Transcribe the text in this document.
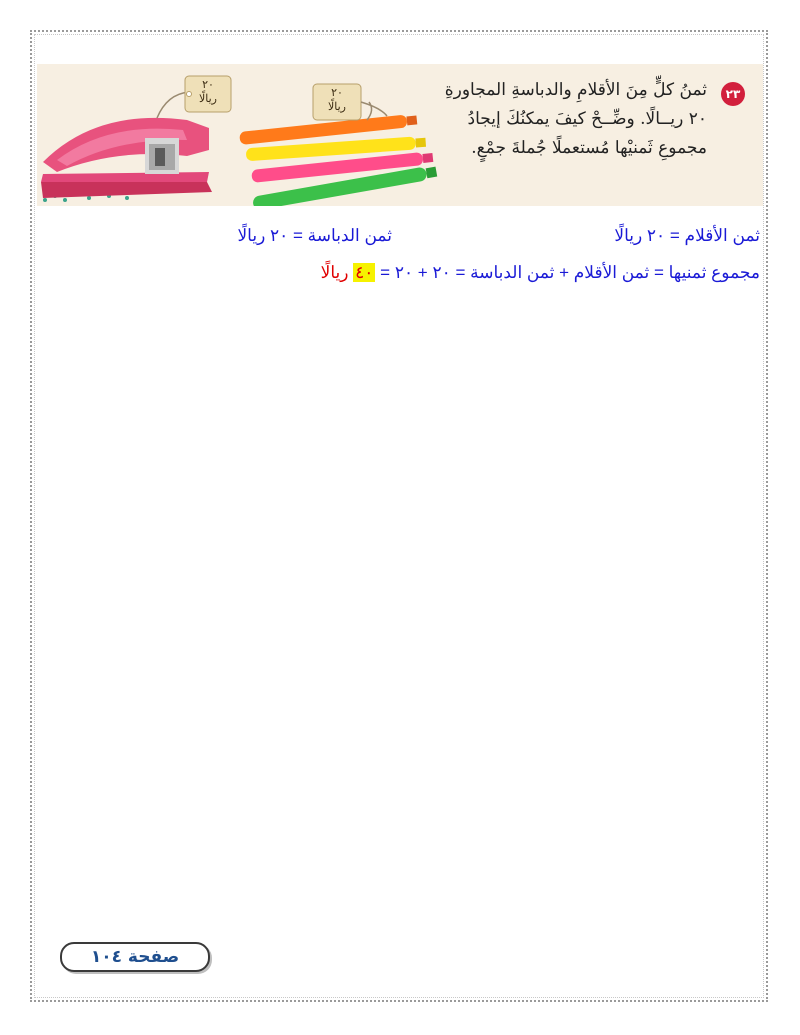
٢٠
ريالًا	٢٠
ريالًا
٢٣
ثمنُ كلٍّ مِنَ الأقلامِ والدباسةِ المجاورةِ
٢٠ ريــالًا. وضِّــحْ كيفَ يمكنُكَ إيجادُ
مجموعِ ثَمنيْها مُستعملًا جُملةَ جمْعٍ.
ثمن الأقلام = ٢٠ ريالًا
ثمن الدباسة = ٢٠ ريالًا
مجموع ثمنيها = ثمن الأقلام + ثمن الدباسة = ٢٠ + ٢٠ = ٤٠ ريالًا
صفحة ١٠٤
